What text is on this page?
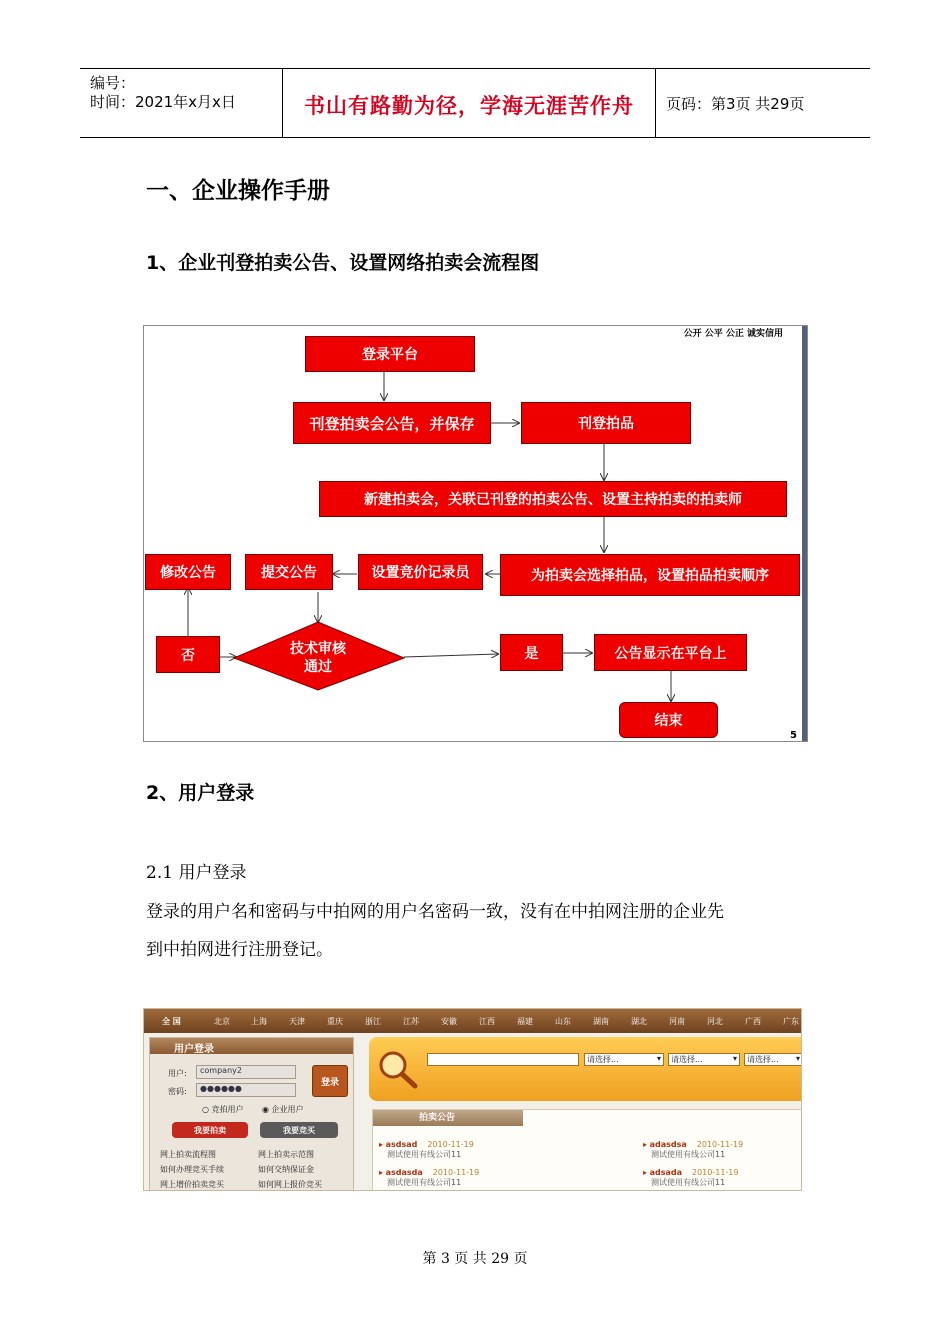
编号：
时间：2021年x月x日	书山有路勤为径，学海无涯苦作舟	页码：第3页 共29页
一、企业操作手册
1、企业刊登拍卖公告、设置网络拍卖会流程图
公开 公平 公正 诚实信用
5
登录平台
刊登拍卖会公告，并保存	刊登拍品
新建拍卖会，关联已刊登的拍卖公告、设置主持拍卖的拍卖师
为拍卖会选择拍品，设置拍品拍卖顺序
设置竞价记录员
提交公告
修改公告
技术审核
通过
否	是	公告显示在平台上
结束
2、用户登录
2.1 用户登录
登录的用户名和密码与中拍网的用户名密码一致，没有在中拍网注册的企业先
到中拍网进行注册登记。
全 国	北京	上海	天津	重庆	浙江	江苏	安徽	江西	福建	山东	湖南	湖北	河南	河北	广西	广东
用户登录
用户:	company2
密码:	●●●●●●
登录
○ 竞拍用户 ◉ 企业用户
我要拍卖	我要竞买
网上拍卖流程图	网上拍卖示范图
如何办理竞买手续	如何交纳保证金
网上增价拍卖竞买	如何网上报价竞买
请选择...	▾	请选择...	▾	请选择... ▾
拍卖公告
▸ asdsad 2010-11-19
测试使用有线公司11
▸ adasdsa 2010-11-19
测试使用有线公司11
▸ asdasda 2010-11-19
测试使用有线公司11
▸ adsada 2010-11-19
测试使用有线公司11
第 3 页 共 29 页
